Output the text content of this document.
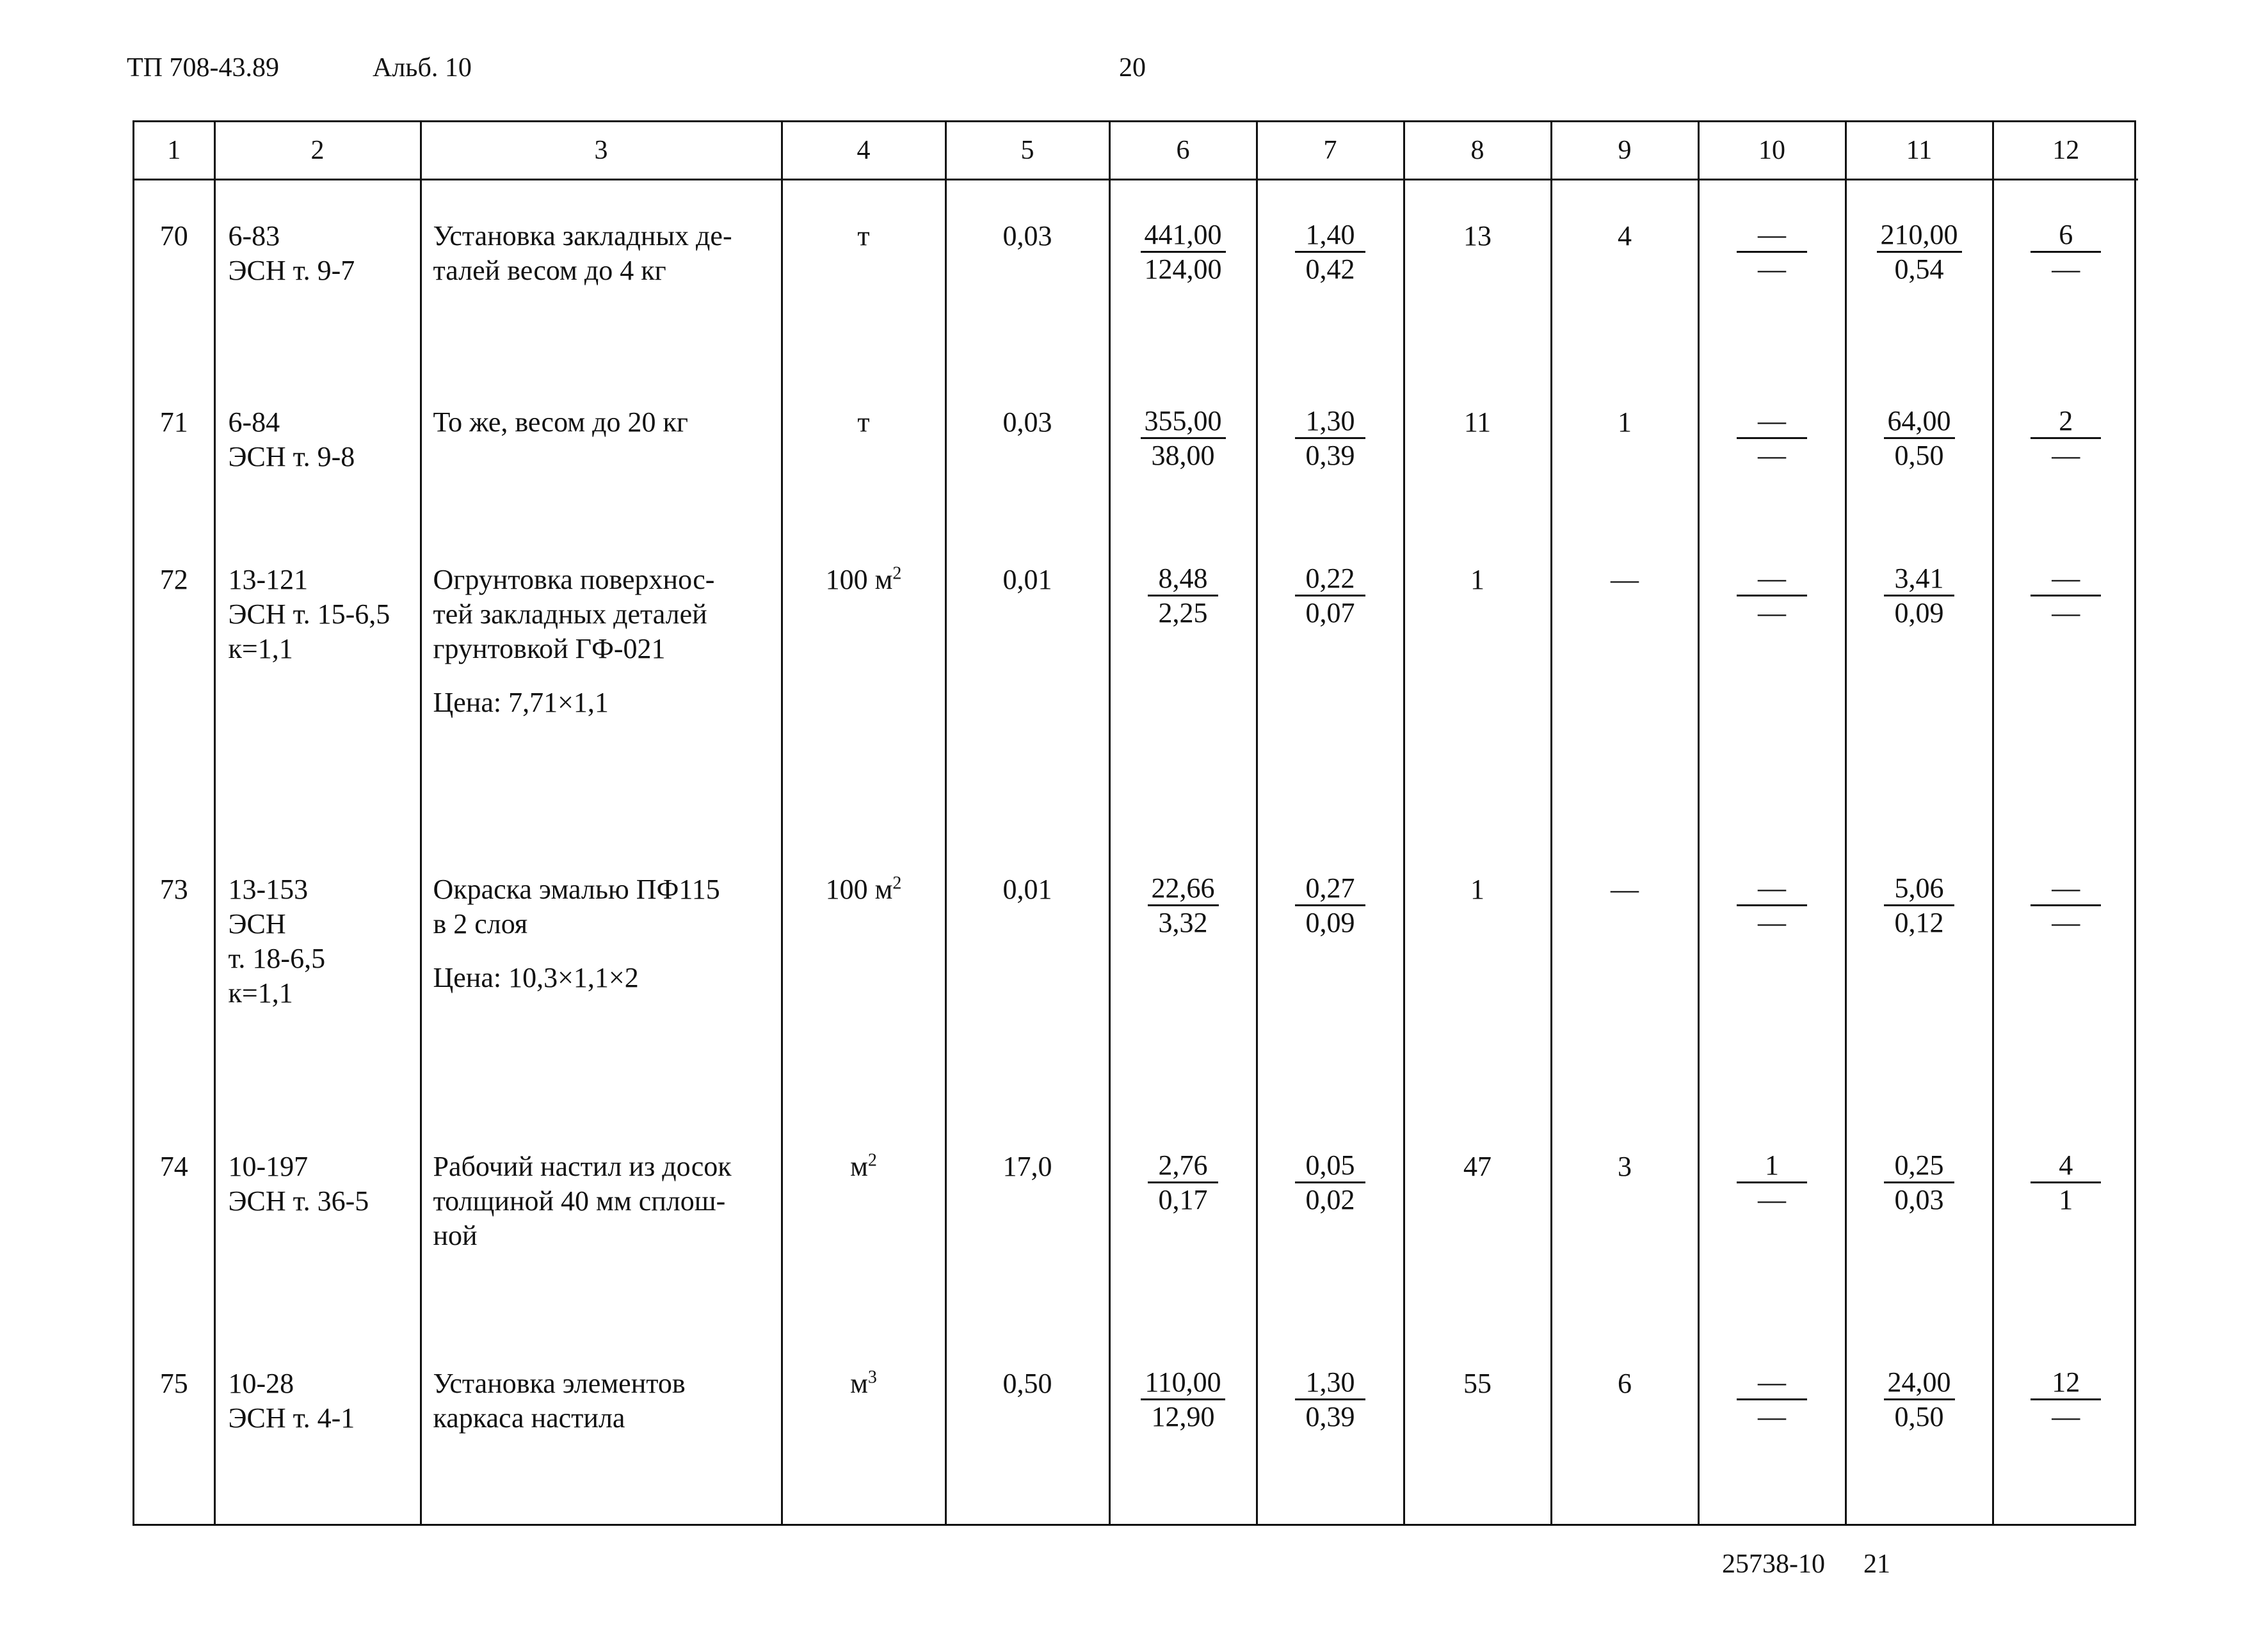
ТП 708-43.89	Альб. 10	20
1	2	3	4	5	6	7	8	9	10	11	12
70	6-83
ЭСН т. 9-7	Установка закладных де-
талей весом до 4 кг	т	0,03	$\frac{441,00}{124,00}$	$\frac{1,40}{0,42}$	13	4	$\frac{—}{—}$	$\frac{210,00}{0,54}$	$\frac{6}{—}$

71	6-84
ЭСН т. 9-8	То же, весом до 20 кг	т	0,03	$\frac{355,00}{38,00}$	$\frac{1,30}{0,39}$	11	1	$\frac{—}{—}$	$\frac{64,00}{0,50}$	$\frac{2}{—}$

72	13-121
ЭСН т. 15-6,5
к=1,1	Огрунтовка поверхнос-
тей закладных деталей
грунтовкой ГФ-021
Цена: 7,71×1,1	100 $м^2$	0,01	$\frac{8,48}{2,25}$	$\frac{0,22}{0,07}$	1	—	$\frac{—}{—}$	$\frac{3,41}{0,09}$	$\frac{—}{—}$

73	13-153
ЭСН
т. 18-6,5
к=1,1	Окраска эмалью ПФ115
в 2 слоя
Цена: 10,3×1,1×2	100 $м^2$	0,01	$\frac{22,66}{3,32}$	$\frac{0,27}{0,09}$	1	—	$\frac{—}{—}$	$\frac{5,06}{0,12}$	$\frac{—}{—}$

74	10-197
ЭСН т. 36-5	Рабочий настил из досок
толщиной 40 мм сплош-
ной	$м^2$	17,0	$\frac{2,76}{0,17}$	$\frac{0,05}{0,02}$	47	3	$\frac{1}{—}$	$\frac{0,25}{0,03}$	$\frac{4}{1}$

75	10-28
ЭСН т. 4-1	Установка элементов
каркаса настила	$м^3$	0,50	$\frac{110,00}{12,90}$	$\frac{1,30}{0,39}$	55	6	$\frac{—}{—}$	$\frac{24,00}{0,50}$	$\frac{12}{—}$

25738-10 21
